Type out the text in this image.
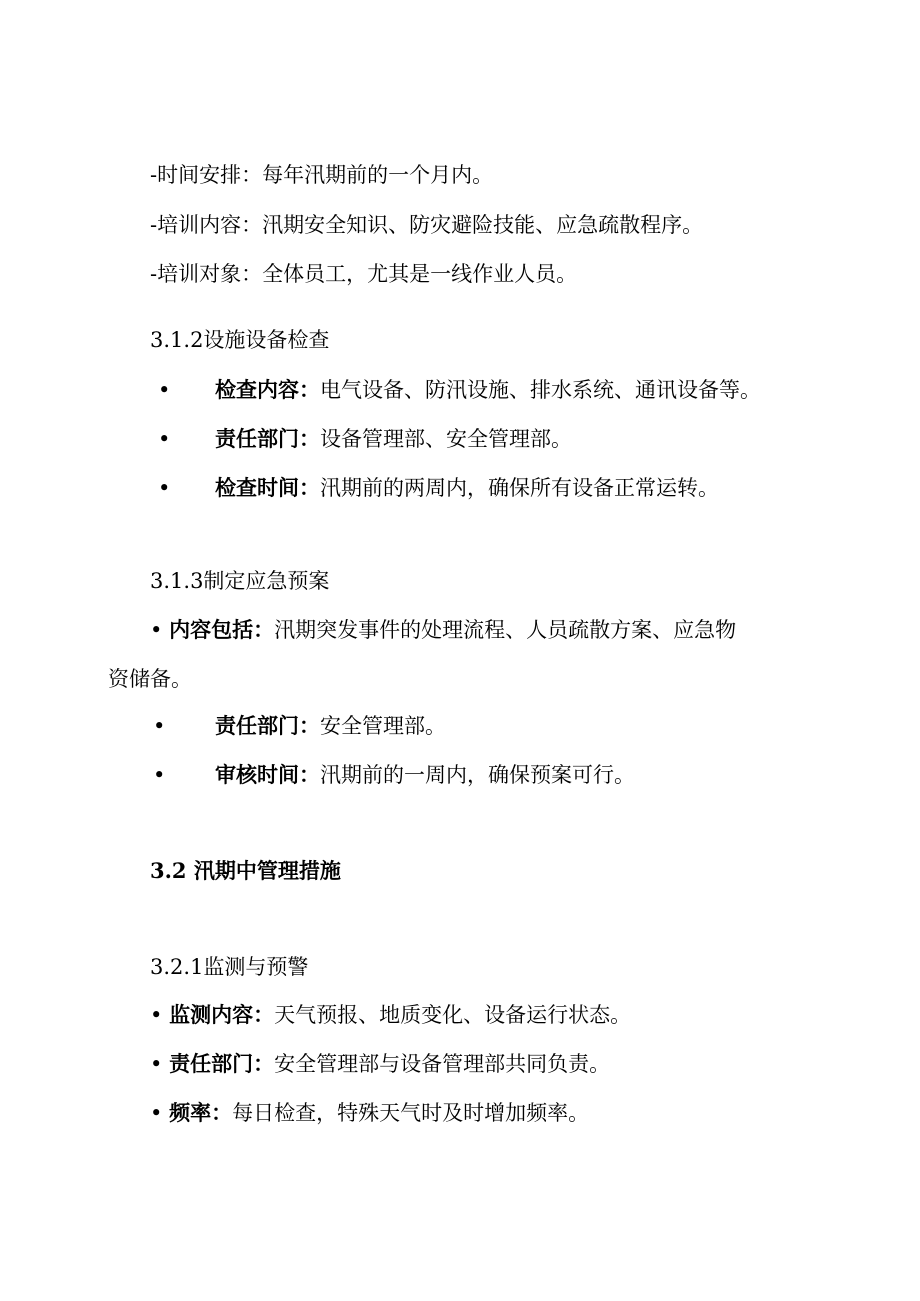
-时间安排：每年汛期前的一个月内。
-培训内容：汛期安全知识、防灾避险技能、应急疏散程序。
-培训对象：全体员工，尤其是一线作业人员。
3.1.2设施设备检查
• 检查内容：电气设备、防汛设施、排水系统、通讯设备等。
• 责任部门：设备管理部、安全管理部。
• 检查时间：汛期前的两周内，确保所有设备正常运转。
3.1.3制定应急预案
• 内容包括：汛期突发事件的处理流程、人员疏散方案、应急物
资储备。
• 责任部门：安全管理部。
• 审核时间：汛期前的一周内，确保预案可行。
3.2 汛期中管理措施
3.2.1监测与预警
• 监测内容：天气预报、地质变化、设备运行状态。
• 责任部门：安全管理部与设备管理部共同负责。
• 频率：每日检查，特殊天气时及时增加频率。
